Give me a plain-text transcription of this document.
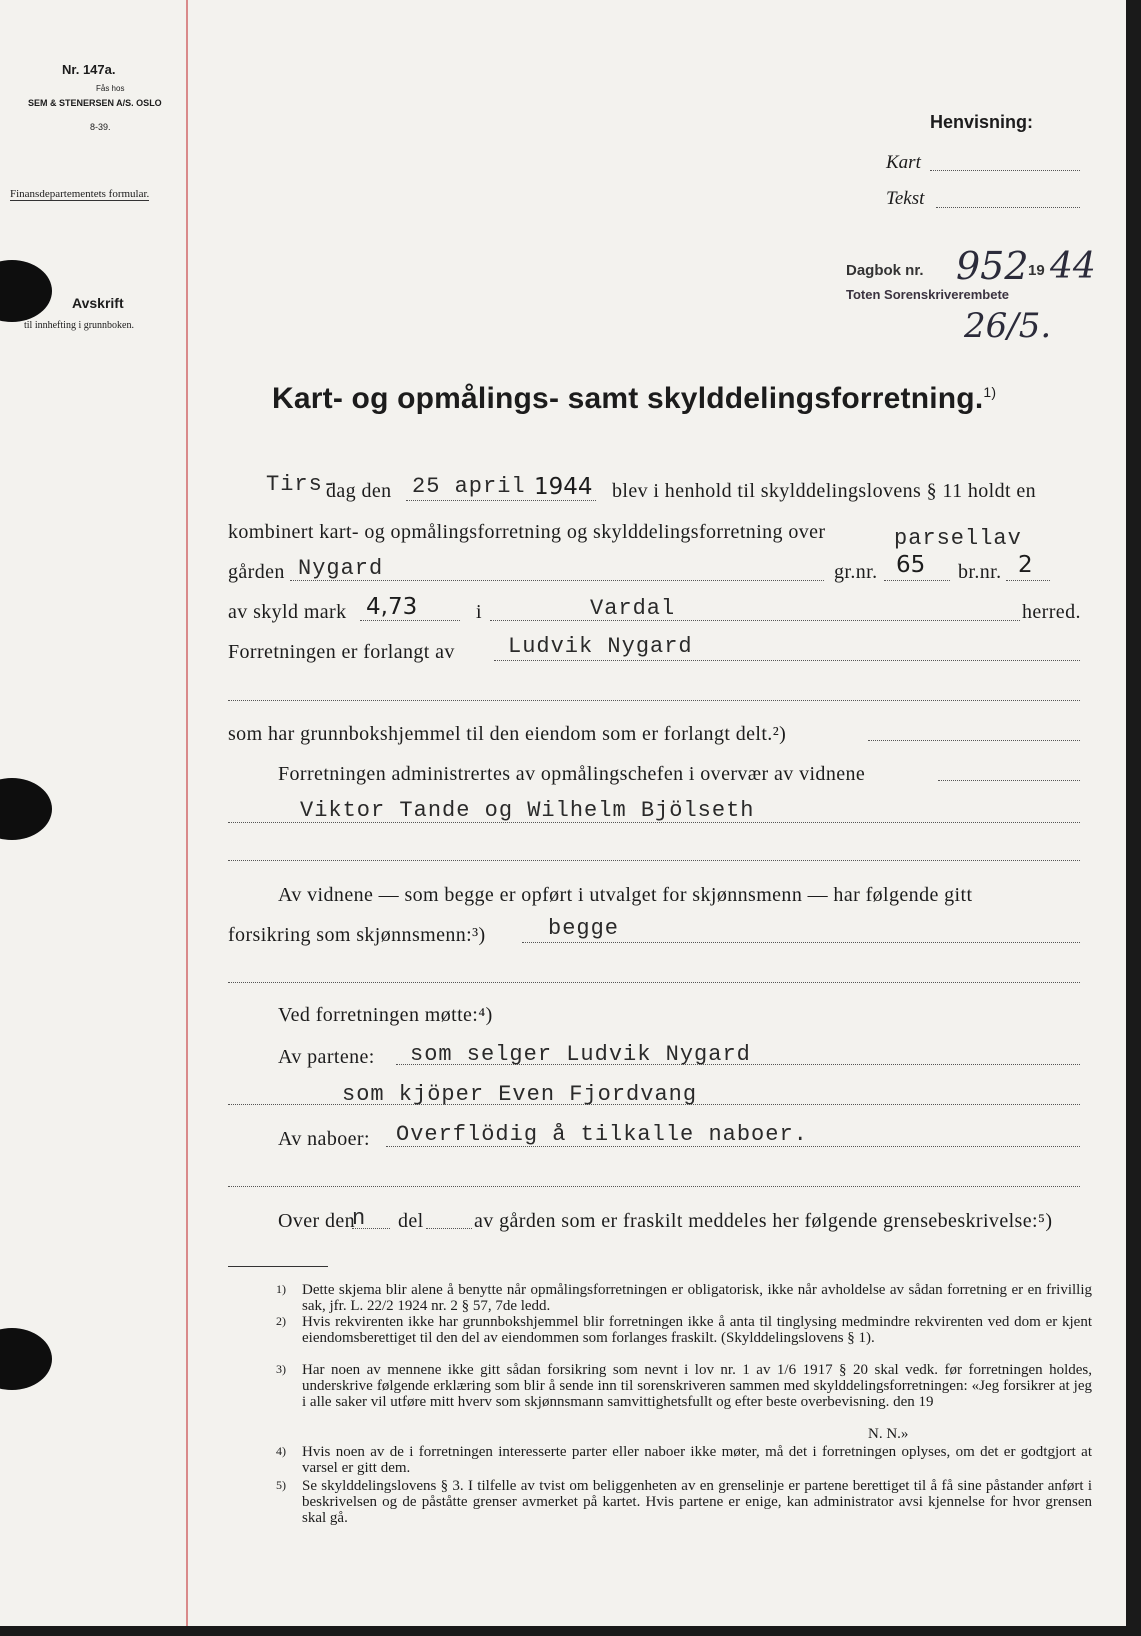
Nr. 147a.
Fås hos
SEM & STENERSEN A/S. OSLO
8-39.
Finansdepartementets formular.
Avskrift
til innhefting i grunnboken.
Henvisning:
Kart
Tekst
Dagbok nr. 952 19 44
Toten Sorenskriverembete
26/5.
Kart- og opmålings- samt skylddelingsforretning.$^{1)}$
Tirs-
dag den 25 april 1944 blev i henhold til skylddelingslovens § 11 holdt en
kombinert kart- og opmålingsforretning og skylddelingsforretning over	parsellav
gården Nygard	gr.nr. 65 br.nr. 2
av skyld mark 4,73	i	Vardal	herred.
Forretningen er forlangt av Ludvik Nygard
som har grunnbokshjemmel til den eiendom som er forlangt delt.²)
Forretningen administrertes av opmålingschefen i overvær av vidnene
Viktor Tande og Wilhelm Bjölseth
Av vidnene — som begge er opført i utvalget for skjønnsmenn — har følgende gitt
forsikring som skjønnsmenn:³)	begge
Ved forretningen møtte:⁴)
Av partene: som selger Ludvik Nygard
som kjöper Even Fjordvang
Av naboer: Overflödig å tilkalle naboer.
Over den
n del	av gården som er fraskilt meddeles her følgende grensebeskrivelse:⁵)
1) Dette skjema blir alene å benytte når opmålingsforretningen er obligatorisk, ikke når avholdelse av sådan forretning er en frivillig sak, jfr. L. 22/2 1924 nr. 2 § 57, 7de ledd.
2) Hvis rekvirenten ikke har grunnbokshjemmel blir forretningen ikke å anta til tinglysing medmindre rekvirenten ved dom er kjent eiendomsberettiget til den del av eiendommen som forlanges fraskilt. (Skylddelingslovens § 1).
3) Har noen av mennene ikke gitt sådan forsikring som nevnt i lov nr. 1 av 1/6 1917 § 20 skal vedk. før forretningen holdes, underskrive følgende erklæring som blir å sende inn til sorenskriveren sammen med skylddelingsforretningen: «Jeg forsikrer at jeg i alle saker vil utføre mitt hverv som skjønnsmann samvittighetsfullt og efter beste overbevisning. den 19
N. N.»
4) Hvis noen av de i forretningen interesserte parter eller naboer ikke møter, må det i forretningen oplyses, om det er godtgjort at varsel er gitt dem.
5) Se skylddelingslovens § 3. I tilfelle av tvist om beliggenheten av en grenselinje er partene berettiget til å få sine påstander anført i beskrivelsen og de påståtte grenser avmerket på kartet. Hvis partene er enige, kan administrator avsi kjennelse for hvor grensen skal gå.
